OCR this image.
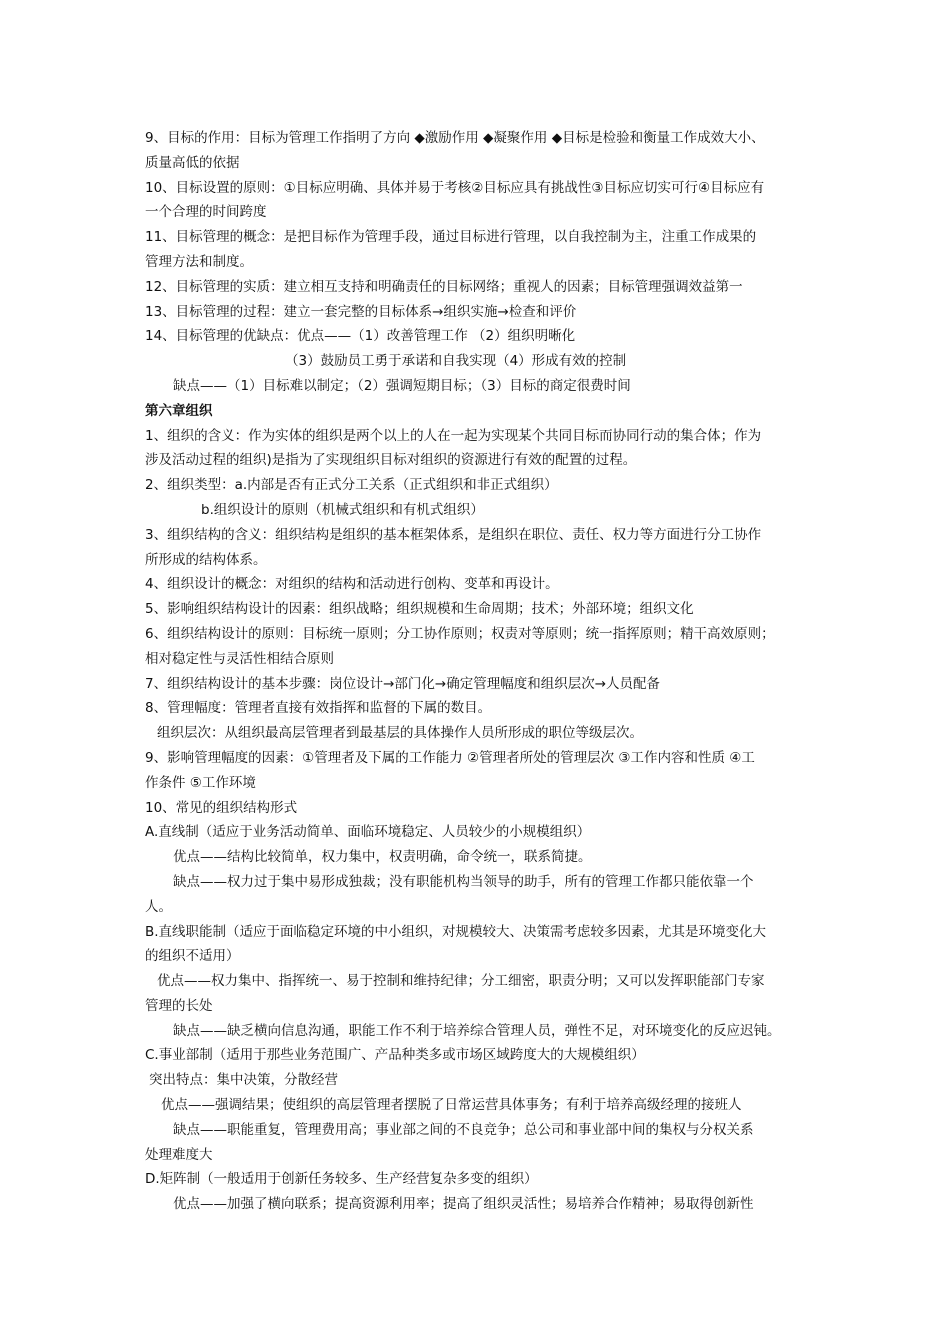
9、目标的作用：目标为管理工作指明了方向 ◆激励作用 ◆凝聚作用 ◆目标是检验和衡量工作成效大小、
质量高低的依据
10、目标设置的原则：①目标应明确、具体并易于考核②目标应具有挑战性③目标应切实可行④目标应有
一个合理的时间跨度
11、目标管理的概念：是把目标作为管理手段，通过目标进行管理，以自我控制为主，注重工作成果的
管理方法和制度。
12、目标管理的实质：建立相互支持和明确责任的目标网络；重视人的因素；目标管理强调效益第一
13、目标管理的过程：建立一套完整的目标体系→组织实施→检查和评价
14、目标管理的优缺点：优点——（1）改善管理工作 （2）组织明晰化
（3）鼓励员工勇于承诺和自我实现（4）形成有效的控制
缺点——（1）目标难以制定；（2）强调短期目标；（3）目标的商定很费时间
第六章组织
1、组织的含义：作为实体的组织是两个以上的人在一起为实现某个共同目标而协同行动的集合体；作为
涉及活动过程的组织)是指为了实现组织目标对组织的资源进行有效的配置的过程。
2、组织类型：a.内部是否有正式分工关系（正式组织和非正式组织）
b.组织设计的原则（机械式组织和有机式组织）
3、组织结构的含义：组织结构是组织的基本框架体系，是组织在职位、责任、权力等方面进行分工协作
所形成的结构体系。
4、组织设计的概念：对组织的结构和活动进行创构、变革和再设计。
5、影响组织结构设计的因素：组织战略；组织规模和生命周期；技术；外部环境；组织文化
6、组织结构设计的原则：目标统一原则；分工协作原则；权责对等原则；统一指挥原则；精干高效原则；
相对稳定性与灵活性相结合原则
7、组织结构设计的基本步骤：岗位设计→部门化→确定管理幅度和组织层次→人员配备
8、管理幅度：管理者直接有效指挥和监督的下属的数目。
组织层次：从组织最高层管理者到最基层的具体操作人员所形成的职位等级层次。
9、影响管理幅度的因素：①管理者及下属的工作能力 ②管理者所处的管理层次 ③工作内容和性质 ④工
作条件 ⑤工作环境
10、常见的组织结构形式
A.直线制（适应于业务活动简单、面临环境稳定、人员较少的小规模组织）
优点——结构比较简单，权力集中，权责明确，命令统一，联系简捷。
缺点——权力过于集中易形成独裁；没有职能机构当领导的助手，所有的管理工作都只能依靠一个
人。
B.直线职能制（适应于面临稳定环境的中小组织，对规模较大、决策需考虑较多因素，尤其是环境变化大
的组织不适用）
优点——权力集中、指挥统一、易于控制和维持纪律；分工细密，职责分明；又可以发挥职能部门专家
管理的长处
缺点——缺乏横向信息沟通，职能工作不利于培养综合管理人员，弹性不足，对环境变化的反应迟钝。
C.事业部制（适用于那些业务范围广、产品种类多或市场区域跨度大的大规模组织）
突出特点：集中决策，分散经营
优点——强调结果；使组织的高层管理者摆脱了日常运营具体事务；有利于培养高级经理的接班人
缺点——职能重复，管理费用高；事业部之间的不良竞争；总公司和事业部中间的集权与分权关系
处理难度大
D.矩阵制（一般适用于创新任务较多、生产经营复杂多变的组织）
优点——加强了横向联系；提高资源利用率；提高了组织灵活性；易培养合作精神；易取得创新性
